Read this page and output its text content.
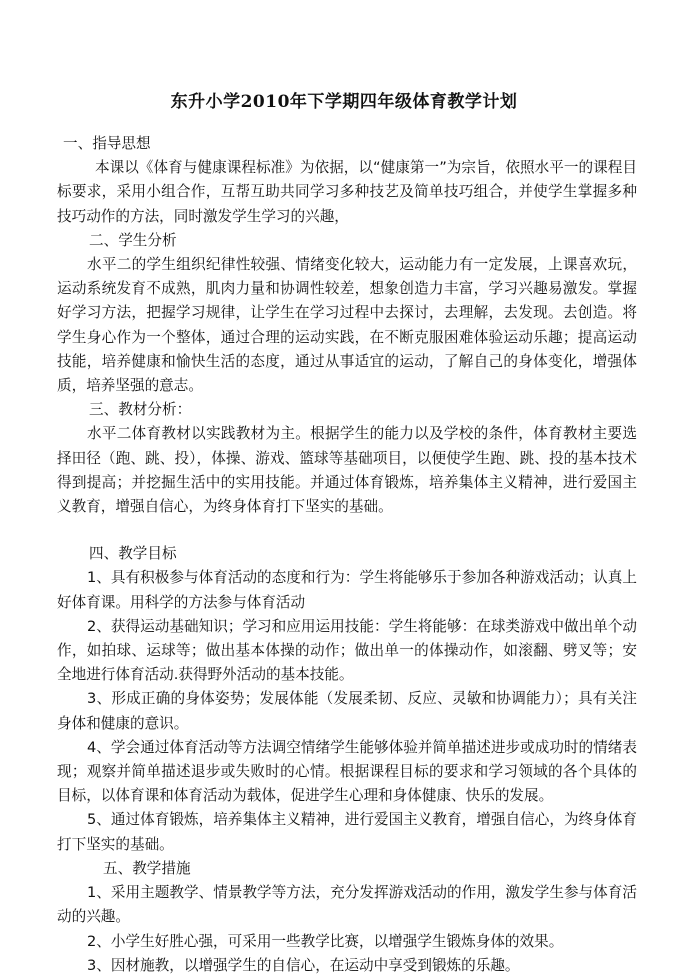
东升小学2010年下学期四年级体育教学计划

一、指导思想

本课以《体育与健康课程标准》为依据，以“健康第一”为宗旨，依照水平一的课程目 标要求，采用小组合作，互帮互助共同学习多种技艺及简单技巧组合，并使学生掌握多种技巧动作的方法，同时激发学生学习的兴趣，

二、学生分析

水平二的学生组织纪律性较强、情绪变化较大，运动能力有一定发展，上课喜欢玩，运动系统发育不成熟，肌肉力量和协调性较差，想象创造力丰富，学习兴趣易激发。掌握好学习方法，把握学习规律，让学生在学习过程中去探讨，去理解，去发现。去创造。将学生身心作为一个整体，通过合理的运动实践，在不断克服困难体验运动乐趣；提高运动技能，培养健康和愉快生活的态度，通过从事适宜的运动，了解自己的身体变化，增强体质，培养坚强的意志。

三、教材分析：

水平二体育教材以实践教材为主。根据学生的能力以及学校的条件，体育教材主要选择田径（跑、跳、投），体操、游戏、篮球等基础项目，以便使学生跑、跳、投的基本技术得到提高；并挖掘生活中的实用技能。并通过体育锻炼，培养集体主义精神，进行爱国主义教育，增强自信心，为终身体育打下坚实的基础。

四、教学目标

1、具有积极参与体育活动的态度和行为：学生将能够乐于参加各种游戏活动；认真上好体育课。用科学的方法参与体育活动

2、获得运动基础知识；学习和应用运用技能：学生将能够：在球类游戏中做出单个动作，如拍球、运球等；做出基本体操的动作；做出单一的体操动作，如滚翻、劈叉等；安全地进行体育活动.获得野外活动的基本技能。

3、形成正确的身体姿势；发展体能（发展柔韧、反应、灵敏和协调能力）；具有关注身体和健康的意识。

4、学会通过体育活动等方法调空情绪学生能够体验并简单描述进步或成功时的情绪表现；观察并简单描述退步或失败时的心情。根据课程目标的要求和学习领域的各个具体的目标，以体育课和体育活动为载体，促进学生心理和身体健康、快乐的发展。

5、通过体育锻炼，培养集体主义精神，进行爱国主义教育，增强自信心，为终身体育打下坚实的基础。

五、教学措施

1、采用主题教学、情景教学等方法，充分发挥游戏活动的作用，激发学生参与体育活动的兴趣。

2、小学生好胜心强，可采用一些教学比赛，以增强学生锻炼身体的效果。

3、因材施教，以增强学生的自信心，在运动中享受到锻炼的乐趣。
